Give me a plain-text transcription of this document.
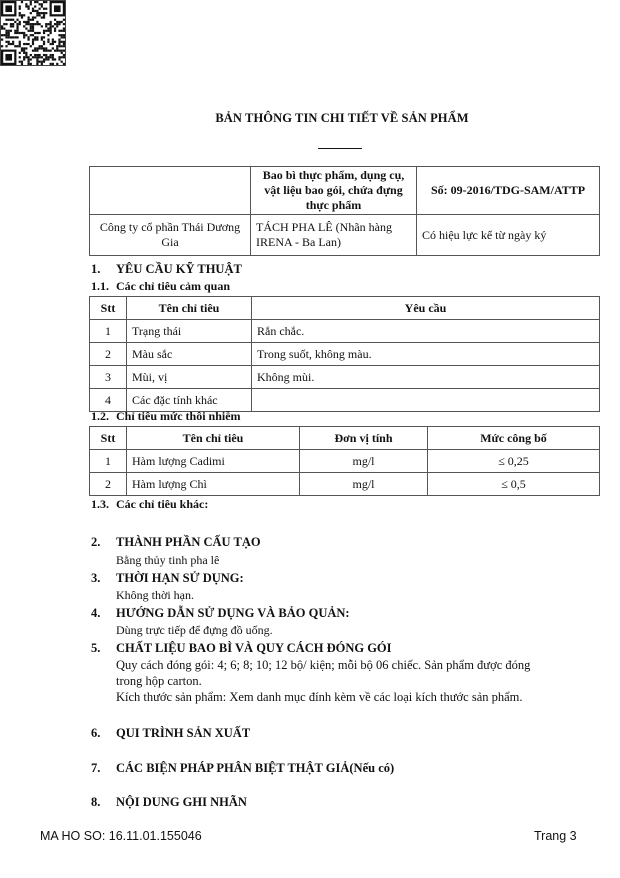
BẢN THÔNG TIN CHI TIẾT VỀ SẢN PHẨM
	Bao bì thực phẩm, dụng cụ, vật liệu bao gói, chứa đựng thực phẩm	Số: 09-2016/TDG-SAM/ATTP
Công ty cổ phần Thái Dương Gia	TÁCH PHA LÊ (Nhãn hàng IRENA - Ba Lan)	Có hiệu lực kể từ ngày ký
1. YÊU CẦU KỸ THUẬT
1.1. Các chỉ tiêu cảm quan
Stt	Tên chỉ tiêu	Yêu cầu
1	Trạng thái	Rắn chắc.
2	Màu sắc	Trong suốt, không màu.
3	Mùi, vị	Không mùi.
4	Các đặc tính khác	
1.2. Chỉ tiêu mức thôi nhiễm
Stt	Tên chỉ tiêu	Đơn vị tính	Mức công bố
1	Hàm lượng Cadimi	mg/l	≤ 0,25
2	Hàm lượng Chì	mg/l	≤ 0,5
1.3. Các chỉ tiêu khác:
2. THÀNH PHẦN CẤU TẠO
Bằng thủy tinh pha lê
3. THỜI HẠN SỬ DỤNG:
Không thời hạn.
4. HƯỚNG DẪN SỬ DỤNG VÀ BẢO QUẢN:
Dùng trực tiếp để đựng đồ uống.
5. CHẤT LIỆU BAO BÌ VÀ QUY CÁCH ĐÓNG GÓI
Quy cách đóng gói: 4; 6; 8; 10; 12 bộ/ kiện; mỗi bộ 06 chiếc. Sản phẩm được đóng
trong hộp carton.
Kích thước sản phẩm: Xem danh mục đính kèm về các loại kích thước sản phẩm.
6. QUI TRÌNH SẢN XUẤT
7. CÁC BIỆN PHÁP PHÂN BIỆT THẬT GIẢ(Nếu có)
8. NỘI DUNG GHI NHÃN
MA HO SO: 16.11.01.155046	Trang 3
